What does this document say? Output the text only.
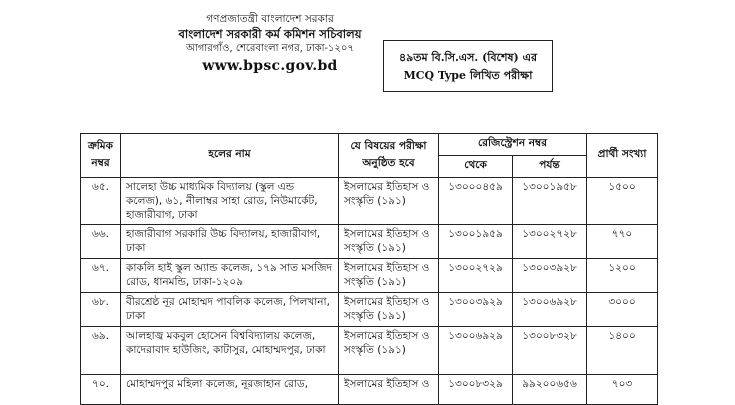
গণপ্রজাতন্ত্রী বাংলাদেশ সরকার
বাংলাদেশ সরকারী কর্ম কমিশন সচিবালয়
আগারগাঁও, শেরেবাংলা নগর, ঢাকা-১২০৭
www.bpsc.gov.bd
৪৯তম বি.সি.এস. (বিশেষ) এর
MCQ Type লিখিত পরীক্ষা
ক্রমিক নম্বর	হলের নাম	যে বিষয়ের পরীক্ষা অনুষ্ঠিত হবে	রেজিস্ট্রেশন নম্বর		প্রার্থী সংখ্যা
			থেকে	পর্যন্ত	
৬৫.	সালেহা উচ্চ মাধ্যমিক বিদ্যালয় (স্কুল এন্ড কলেজ), ৬১, নীলাম্বর সাহা রোড, নিউমার্কেট, হাজারীবাগ, ঢাকা	ইসলামের ইতিহাস ও সংস্কৃতি (১৯১)	১৩০০০৪৫৯	১৩০০১৯৫৮	১৫০০
৬৬.	হাজারীবাগ সরকারি উচ্চ বিদ্যালয়, হাজারীবাগ, ঢাকা	ইসলামের ইতিহাস ও সংস্কৃতি (১৯১)	১৩০০১৯৫৯	১৩০০২৭২৮	৭৭০
৬৭.	কাকলি হাই স্কুল অ্যান্ড কলেজ, ১৭৯ সাত মসজিদ রোড, ধানমন্ডি, ঢাকা-১২০৯	ইসলামের ইতিহাস ও সংস্কৃতি (১৯১)	১৩০০২৭২৯	১৩০০৩৯২৮	১২০০
৬৮.	বীরশ্রেষ্ঠ নূর মোহাম্মদ পাবলিক কলেজ, পিলখানা, ঢাকা	ইসলামের ইতিহাস ও সংস্কৃতি (১৯১)	১৩০০৩৯২৯	১৩০০৬৯২৮	৩০০০
৬৯.	আলহাজ্ব মকবুল হোসেন বিশ্ববিদ্যালয় কলেজ, কাদেরাবাদ হাউজিং, কাটাসুর, মোহাম্মদপুর, ঢাকা	ইসলামের ইতিহাস ও সংস্কৃতি (১৯১)	১৩০০৬৯২৯	১৩০০৮৩২৮	১৪০০
৭০.	মোহাম্মদপুর মহিলা কলেজ, নূরজাহান রোড,	ইসলামের ইতিহাস ও	১৩০০৮৩২৯	৯৯২০০৬৫৬	৭০৩
